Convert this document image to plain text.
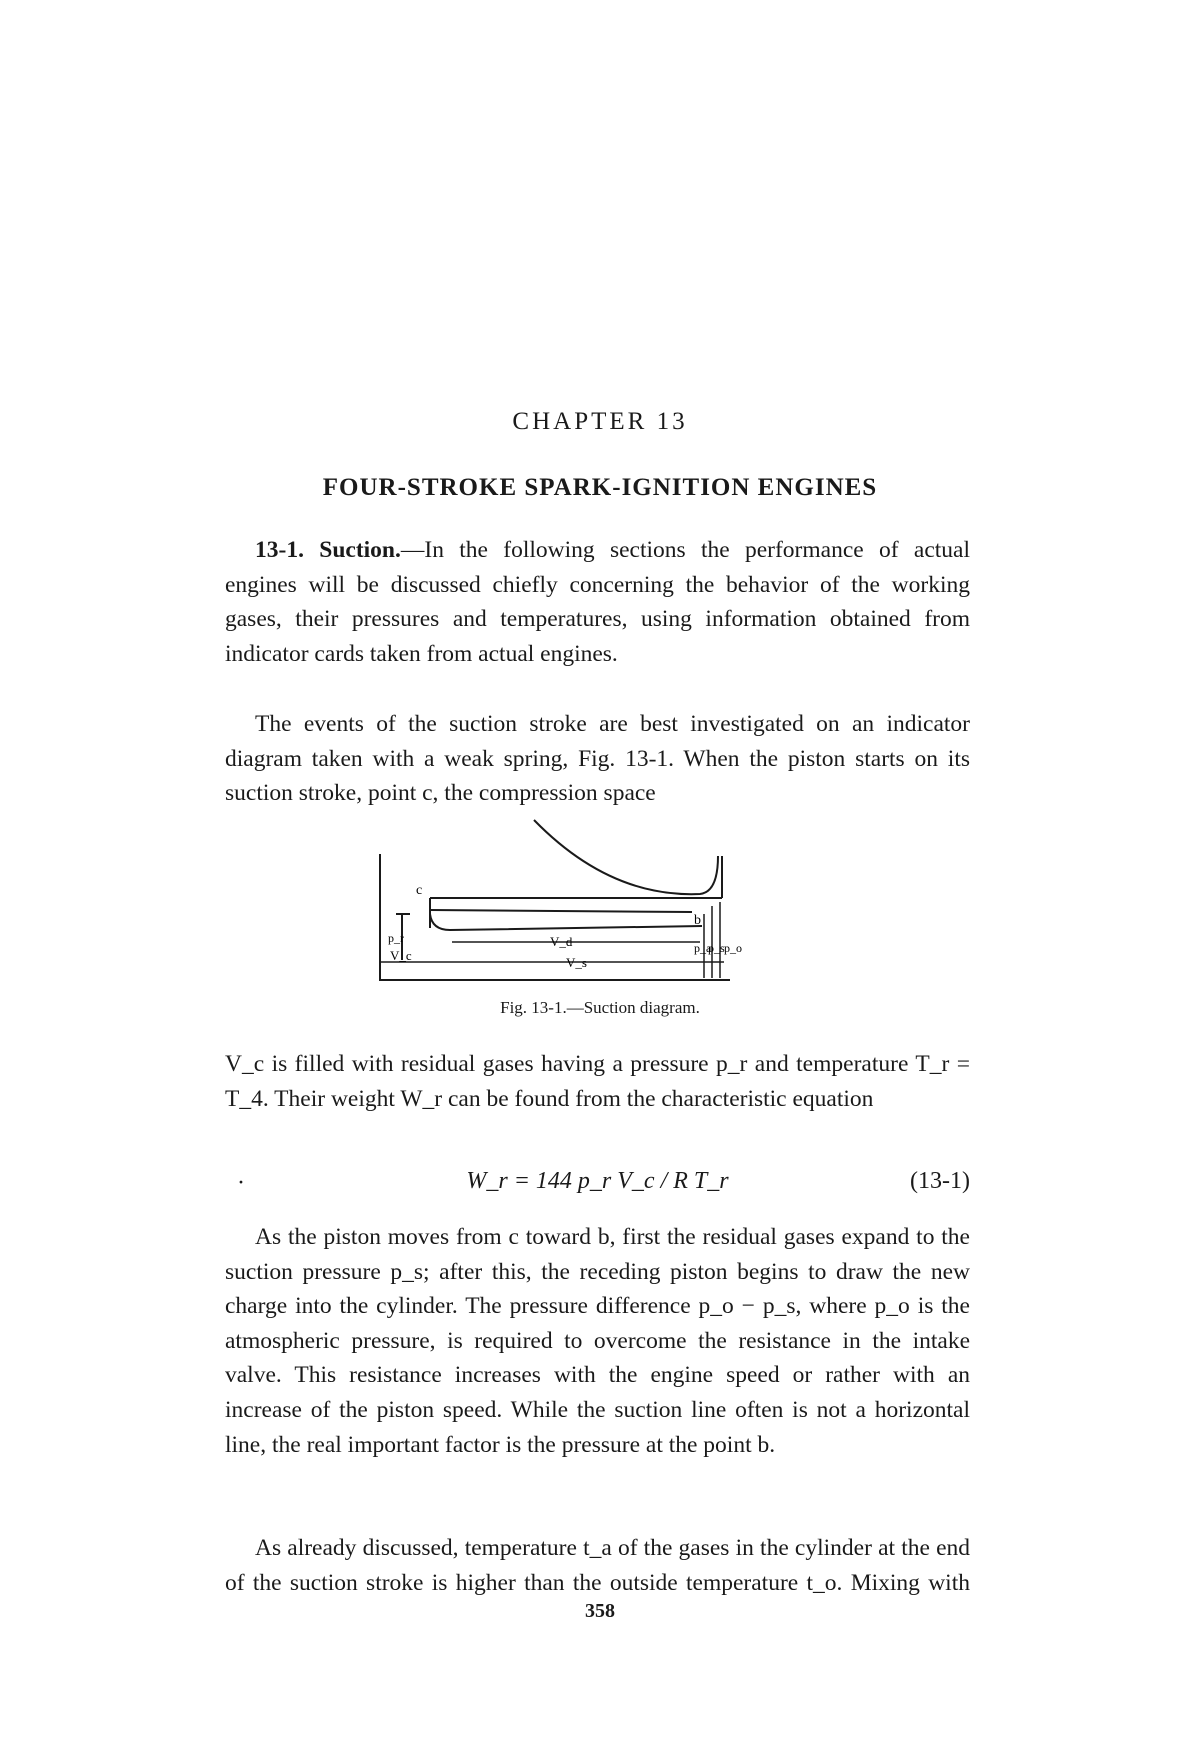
CHAPTER 13
FOUR-STROKE SPARK-IGNITION ENGINES

13-1. Suction.—In the following sections the performance of actual engines will be discussed chiefly concerning the behavior of the working gases, their pressures and temperatures, using information obtained from indicator cards taken from actual engines.

The events of the suction stroke are best investigated on an indicator diagram taken with a weak spring, Fig. 13-1. When the piston starts on its suction stroke, point c, the compression space

c
b
p_r
V_c
V_d
V_s
p_a
p_s p_o
Fig. 13-1.—Suction diagram.

V_c is filled with residual gases having a pressure p_r and temperature T_r = T_4. Their weight W_r can be found from the characteristic equation

·	W_r = 144 p_r V_c / R T_r	(13-1)

As the piston moves from c toward b, first the residual gases expand to the suction pressure p_s; after this, the receding piston begins to draw the new charge into the cylinder. The pressure difference p_o − p_s, where p_o is the atmospheric pressure, is required to overcome the resistance in the intake valve. This resistance increases with the engine speed or rather with an increase of the piston speed. While the suction line often is not a horizontal line, the real important factor is the pressure at the point b.

As already discussed, temperature t_a of the gases in the cylinder at the end of the suction stroke is higher than the outside temperature t_o. Mixing with

358
